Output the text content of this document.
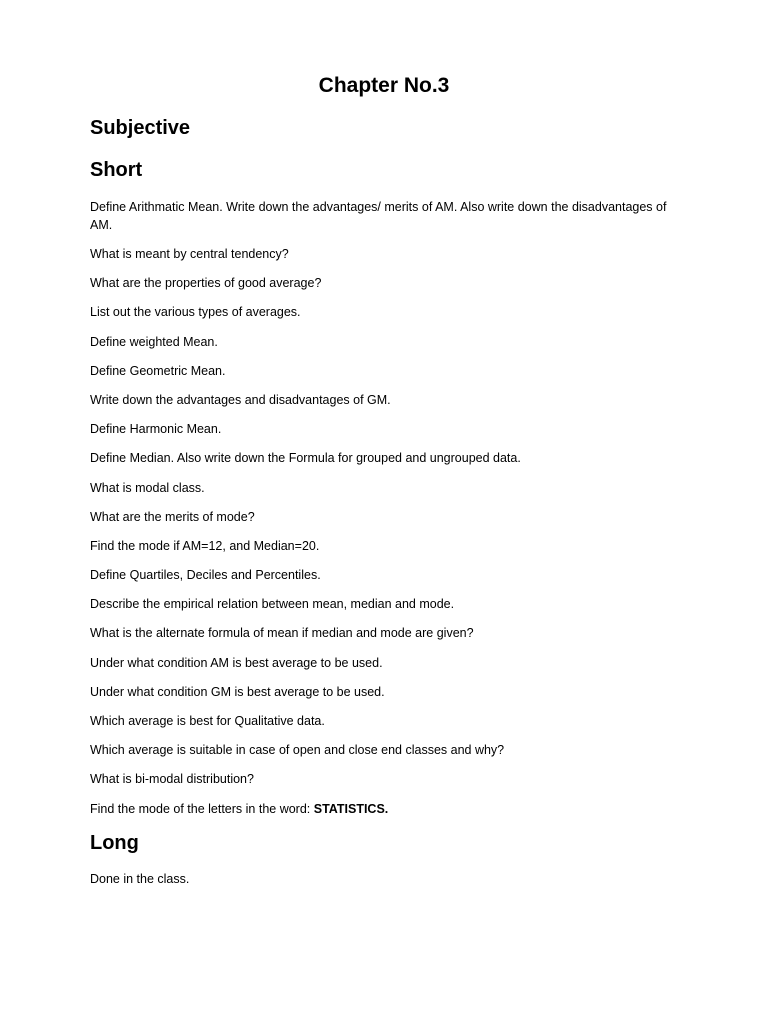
Chapter No.3
Subjective
Short
Define Arithmatic Mean. Write down the advantages/ merits of AM. Also write down the disadvantages of AM.
What is meant by central tendency?
What are the properties of good average?
List out the various types of averages.
Define weighted Mean.
Define Geometric Mean.
Write down the advantages and disadvantages of GM.
Define Harmonic Mean.
Define Median. Also write down the Formula for grouped and ungrouped data.
What is modal class.
What are the merits of mode?
Find the mode if AM=12, and Median=20.
Define Quartiles, Deciles and Percentiles.
Describe the empirical relation between mean, median and mode.
What is the alternate formula of mean if median and mode are given?
Under what condition AM is best average to be used.
Under what condition GM is best average to be used.
Which average is best for Qualitative data.
Which average is suitable in case of open and close end classes and why?
What is bi-modal distribution?
Find the mode of the letters in the word: STATISTICS.
Long

Done in the class.
